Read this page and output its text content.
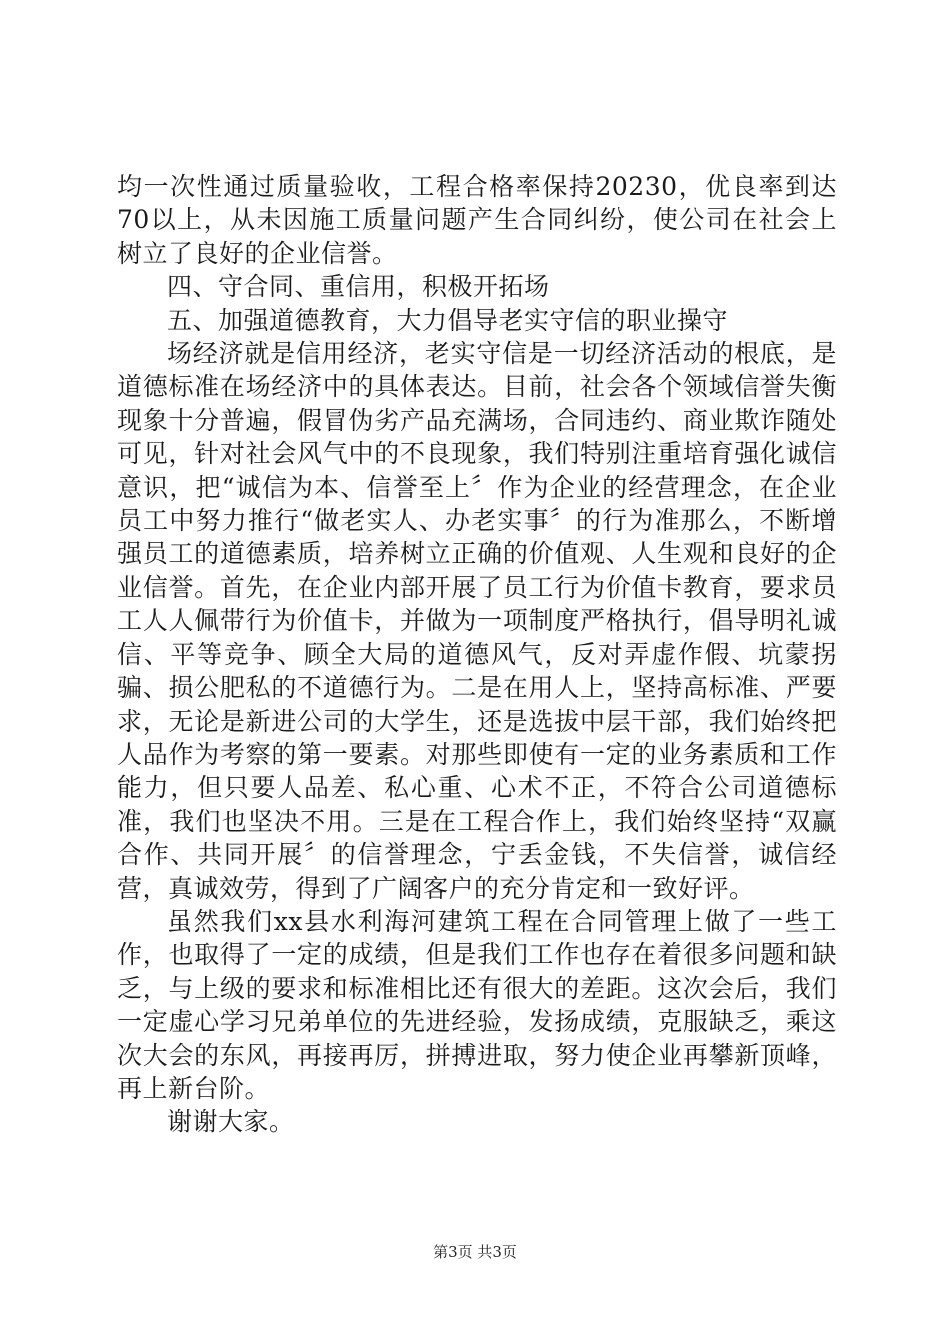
均一次性通过质量验收，工程合格率保持20230，优良率到达70以上，从未因施工质量问题产生合同纠纷，使公司在社会上树立了良好的企业信誉。

四、守合同、重信用，积极开拓场

五、加强道德教育，大力倡导老实守信的职业操守

场经济就是信用经济，老实守信是一切经济活动的根底，是道德标准在场经济中的具体表达。目前，社会各个领域信誉失衡现象十分普遍，假冒伪劣产品充满场，合同违约、商业欺诈随处可见，针对社会风气中的不良现象，我们特别注重培育强化诚信意识，把“诚信为本、信誉至上〞作为企业的经营理念，在企业员工中努力推行“做老实人、办老实事〞的行为准那么，不断增强员工的道德素质，培养树立正确的价值观、人生观和良好的企业信誉。首先，在企业内部开展了员工行为价值卡教育，要求员工人人佩带行为价值卡，并做为一项制度严格执行，倡导明礼诚信、平等竞争、顾全大局的道德风气，反对弄虚作假、坑蒙拐骗、损公肥私的不道德行为。二是在用人上，坚持高标准、严要求，无论是新进公司的大学生，还是选拔中层干部，我们始终把人品作为考察的第一要素。对那些即使有一定的业务素质和工作能力，但只要人品差、私心重、心术不正，不符合公司道德标准，我们也坚决不用。三是在工程合作上，我们始终坚持“双赢合作、共同开展〞的信誉理念，宁丢金钱，不失信誉，诚信经营，真诚效劳，得到了广阔客户的充分肯定和一致好评。

虽然我们xx县水利海河建筑工程在合同管理上做了一些工作，也取得了一定的成绩，但是我们工作也存在着很多问题和缺乏，与上级的要求和标准相比还有很大的差距。这次会后，我们一定虚心学习兄弟单位的先进经验，发扬成绩，克服缺乏，乘这次大会的东风，再接再厉，拼搏进取，努力使企业再攀新顶峰，再上新台阶。

谢谢大家。

第3页 共3页
